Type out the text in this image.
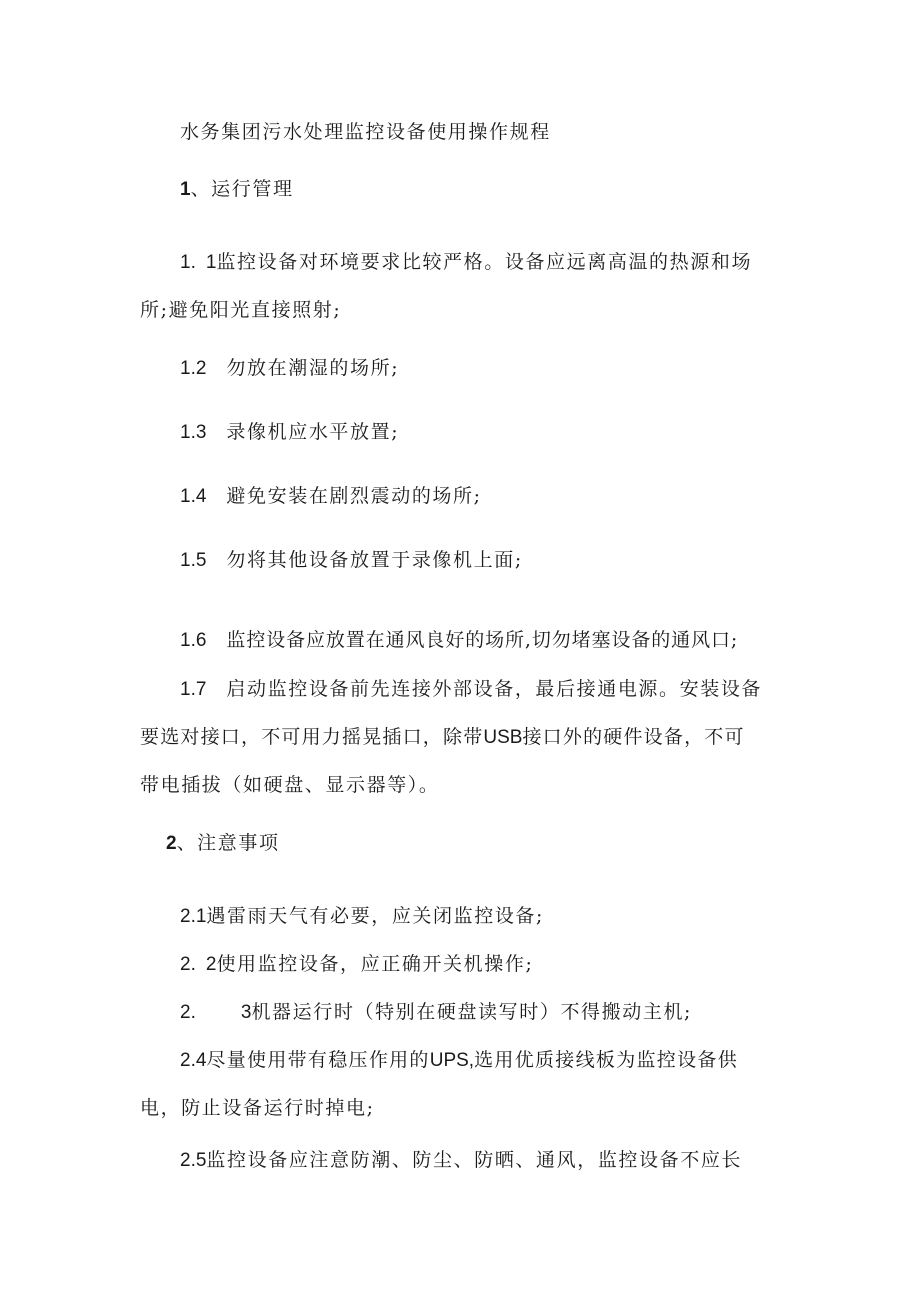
水务集团污水处理监控设备使用操作规程
1、运行管理
1. 1监控设备对环境要求比较严格。设备应远离高温的热源和场
所;避免阳光直接照射;
1.2 勿放在潮湿的场所;
1.3 录像机应水平放置;
1.4 避免安装在剧烈震动的场所;
1.5 勿将其他设备放置于录像机上面;
1.6 监控设备应放置在通风良好的场所,切勿堵塞设备的通风口;
1.7 启动监控设备前先连接外部设备，最后接通电源。安装设备
要选对接口，不可用力摇晃插口，除带USB接口外的硬件设备，不可
带电插拔（如硬盘、显示器等）。
2、注意事项
2.1遇雷雨天气有必要，应关闭监控设备;
2. 2使用监控设备，应正确开关机操作;
2. 3机器运行时（特别在硬盘读写时）不得搬动主机;
2.4尽量使用带有稳压作用的UPS,选用优质接线板为监控设备供
电，防止设备运行时掉电;
2.5监控设备应注意防潮、防尘、防晒、通风，监控设备不应长
